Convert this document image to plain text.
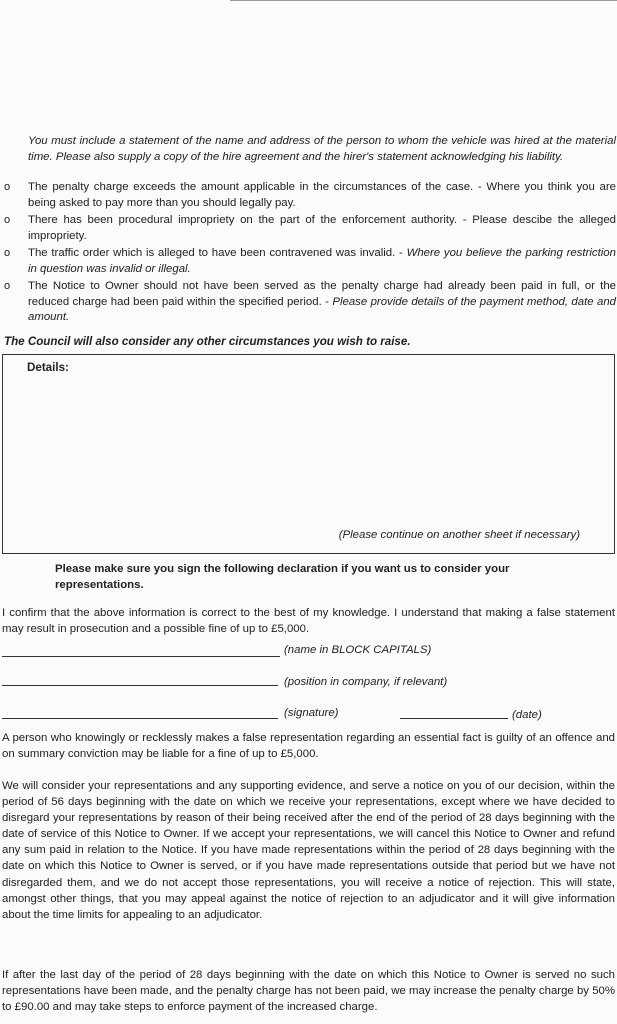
You must include a statement of the name and address of the person to whom the vehicle was hired at the material time. Please also supply a copy of the hire agreement and the hirer's statement acknowledging his liability.

o The penalty charge exceeds the amount applicable in the circumstances of the case. - Where you think you are being asked to pay more than you should legally pay.
o There has been procedural impropriety on the part of the enforcement authority. - Please descibe the alleged impropriety.
o The traffic order which is alleged to have been contravened was invalid. - Where you believe the parking restriction in question was invalid or illegal.
o The Notice to Owner should not have been served as the penalty charge had already been paid in full, or the reduced charge had been paid within the specified period. - Please provide details of the payment method, date and amount.

The Council will also consider any other circumstances you wish to raise.

Details:
(Please continue on another sheet if necessary)

Please make sure you sign the following declaration if you want us to consider your representations.

I confirm that the above information is correct to the best of my knowledge. I understand that making a false statement may result in prosecution and a possible fine of up to £5,000.

(name in BLOCK CAPITALS)
(position in company, if relevant)
(signature)	(date)

A person who knowingly or recklessly makes a false representation regarding an essential fact is guilty of an offence and on summary conviction may be liable for a fine of up to £5,000.

We will consider your representations and any supporting evidence, and serve a notice on you of our decision, within the period of 56 days beginning with the date on which we receive your representations, except where we have decided to disregard your representations by reason of their being received after the end of the period of 28 days beginning with the date of service of this Notice to Owner. If we accept your representations, we will cancel this Notice to Owner and refund any sum paid in relation to the Notice. If you have made representations within the period of 28 days beginning with the date on which this Notice to Owner is served, or if you have made representations outside that period but we have not disregarded them, and we do not accept those representations, you will receive a notice of rejection. This will state, amongst other things, that you may appeal against the notice of rejection to an adjudicator and it will give information about the time limits for appealing to an adjudicator.

If after the last day of the period of 28 days beginning with the date on which this Notice to Owner is served no such representations have been made, and the penalty charge has not been paid, we may increase the penalty charge by 50% to £90.00 and may take steps to enforce payment of the increased charge.
